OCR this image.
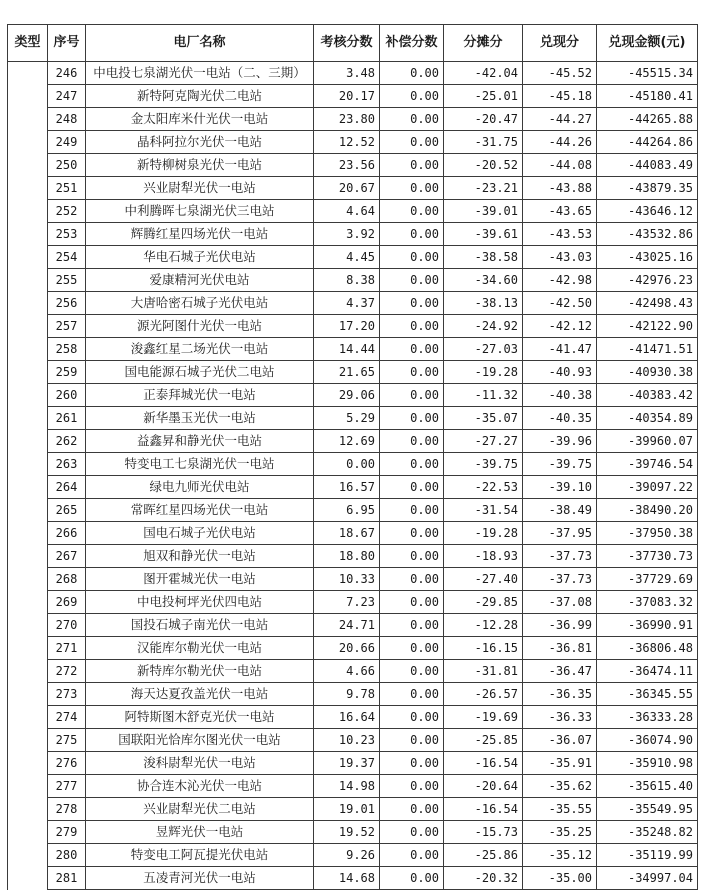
类型	序号	电厂名称	考核分数	补偿分数	分摊分	兑现分	兑现金额(元)
	246	中电投七泉湖光伏一电站（二、三期）	3.48	0.00	-42.04	-45.52	-45515.34
	247	新特阿克陶光伏二电站	20.17	0.00	-25.01	-45.18	-45180.41
	248	金太阳库米什光伏一电站	23.80	0.00	-20.47	-44.27	-44265.88
	249	晶科阿拉尔光伏一电站	12.52	0.00	-31.75	-44.26	-44264.86
	250	新特柳树泉光伏一电站	23.56	0.00	-20.52	-44.08	-44083.49
	251	兴业尉犁光伏一电站	20.67	0.00	-23.21	-43.88	-43879.35
	252	中利腾晖七泉湖光伏三电站	4.64	0.00	-39.01	-43.65	-43646.12
	253	辉腾红星四场光伏一电站	3.92	0.00	-39.61	-43.53	-43532.86
	254	华电石城子光伏电站	4.45	0.00	-38.58	-43.03	-43025.16
	255	爱康精河光伏电站	8.38	0.00	-34.60	-42.98	-42976.23
	256	大唐哈密石城子光伏电站	4.37	0.00	-38.13	-42.50	-42498.43
	257	源光阿图什光伏一电站	17.20	0.00	-24.92	-42.12	-42122.90
	258	浚鑫红星二场光伏一电站	14.44	0.00	-27.03	-41.47	-41471.51
	259	国电能源石城子光伏二电站	21.65	0.00	-19.28	-40.93	-40930.38
	260	正泰拜城光伏一电站	29.06	0.00	-11.32	-40.38	-40383.42
	261	新华墨玉光伏一电站	5.29	0.00	-35.07	-40.35	-40354.89
	262	益鑫昇和静光伏一电站	12.69	0.00	-27.27	-39.96	-39960.07
	263	特变电工七泉湖光伏一电站	0.00	0.00	-39.75	-39.75	-39746.54
	264	绿电九师光伏电站	16.57	0.00	-22.53	-39.10	-39097.22
	265	常晖红星四场光伏一电站	6.95	0.00	-31.54	-38.49	-38490.20
	266	国电石城子光伏电站	18.67	0.00	-19.28	-37.95	-37950.38
	267	旭双和静光伏一电站	18.80	0.00	-18.93	-37.73	-37730.73
	268	图开霍城光伏一电站	10.33	0.00	-27.40	-37.73	-37729.69
	269	中电投柯坪光伏四电站	7.23	0.00	-29.85	-37.08	-37083.32
	270	国投石城子南光伏一电站	24.71	0.00	-12.28	-36.99	-36990.91
	271	汉能库尔勒光伏一电站	20.66	0.00	-16.15	-36.81	-36806.48
	272	新特库尔勒光伏一电站	4.66	0.00	-31.81	-36.47	-36474.11
	273	海天达夏孜盖光伏一电站	9.78	0.00	-26.57	-36.35	-36345.55
	274	阿特斯图木舒克光伏一电站	16.64	0.00	-19.69	-36.33	-36333.28
	275	国联阳光恰库尔图光伏一电站	10.23	0.00	-25.85	-36.07	-36074.90
	276	浚科尉犁光伏一电站	19.37	0.00	-16.54	-35.91	-35910.98
	277	协合连木沁光伏一电站	14.98	0.00	-20.64	-35.62	-35615.40
	278	兴业尉犁光伏二电站	19.01	0.00	-16.54	-35.55	-35549.95
	279	昱辉光伏一电站	19.52	0.00	-15.73	-35.25	-35248.82
	280	特变电工阿瓦提光伏电站	9.26	0.00	-25.86	-35.12	-35119.99
	281	五凌青河光伏一电站	14.68	0.00	-20.32	-35.00	-34997.04
